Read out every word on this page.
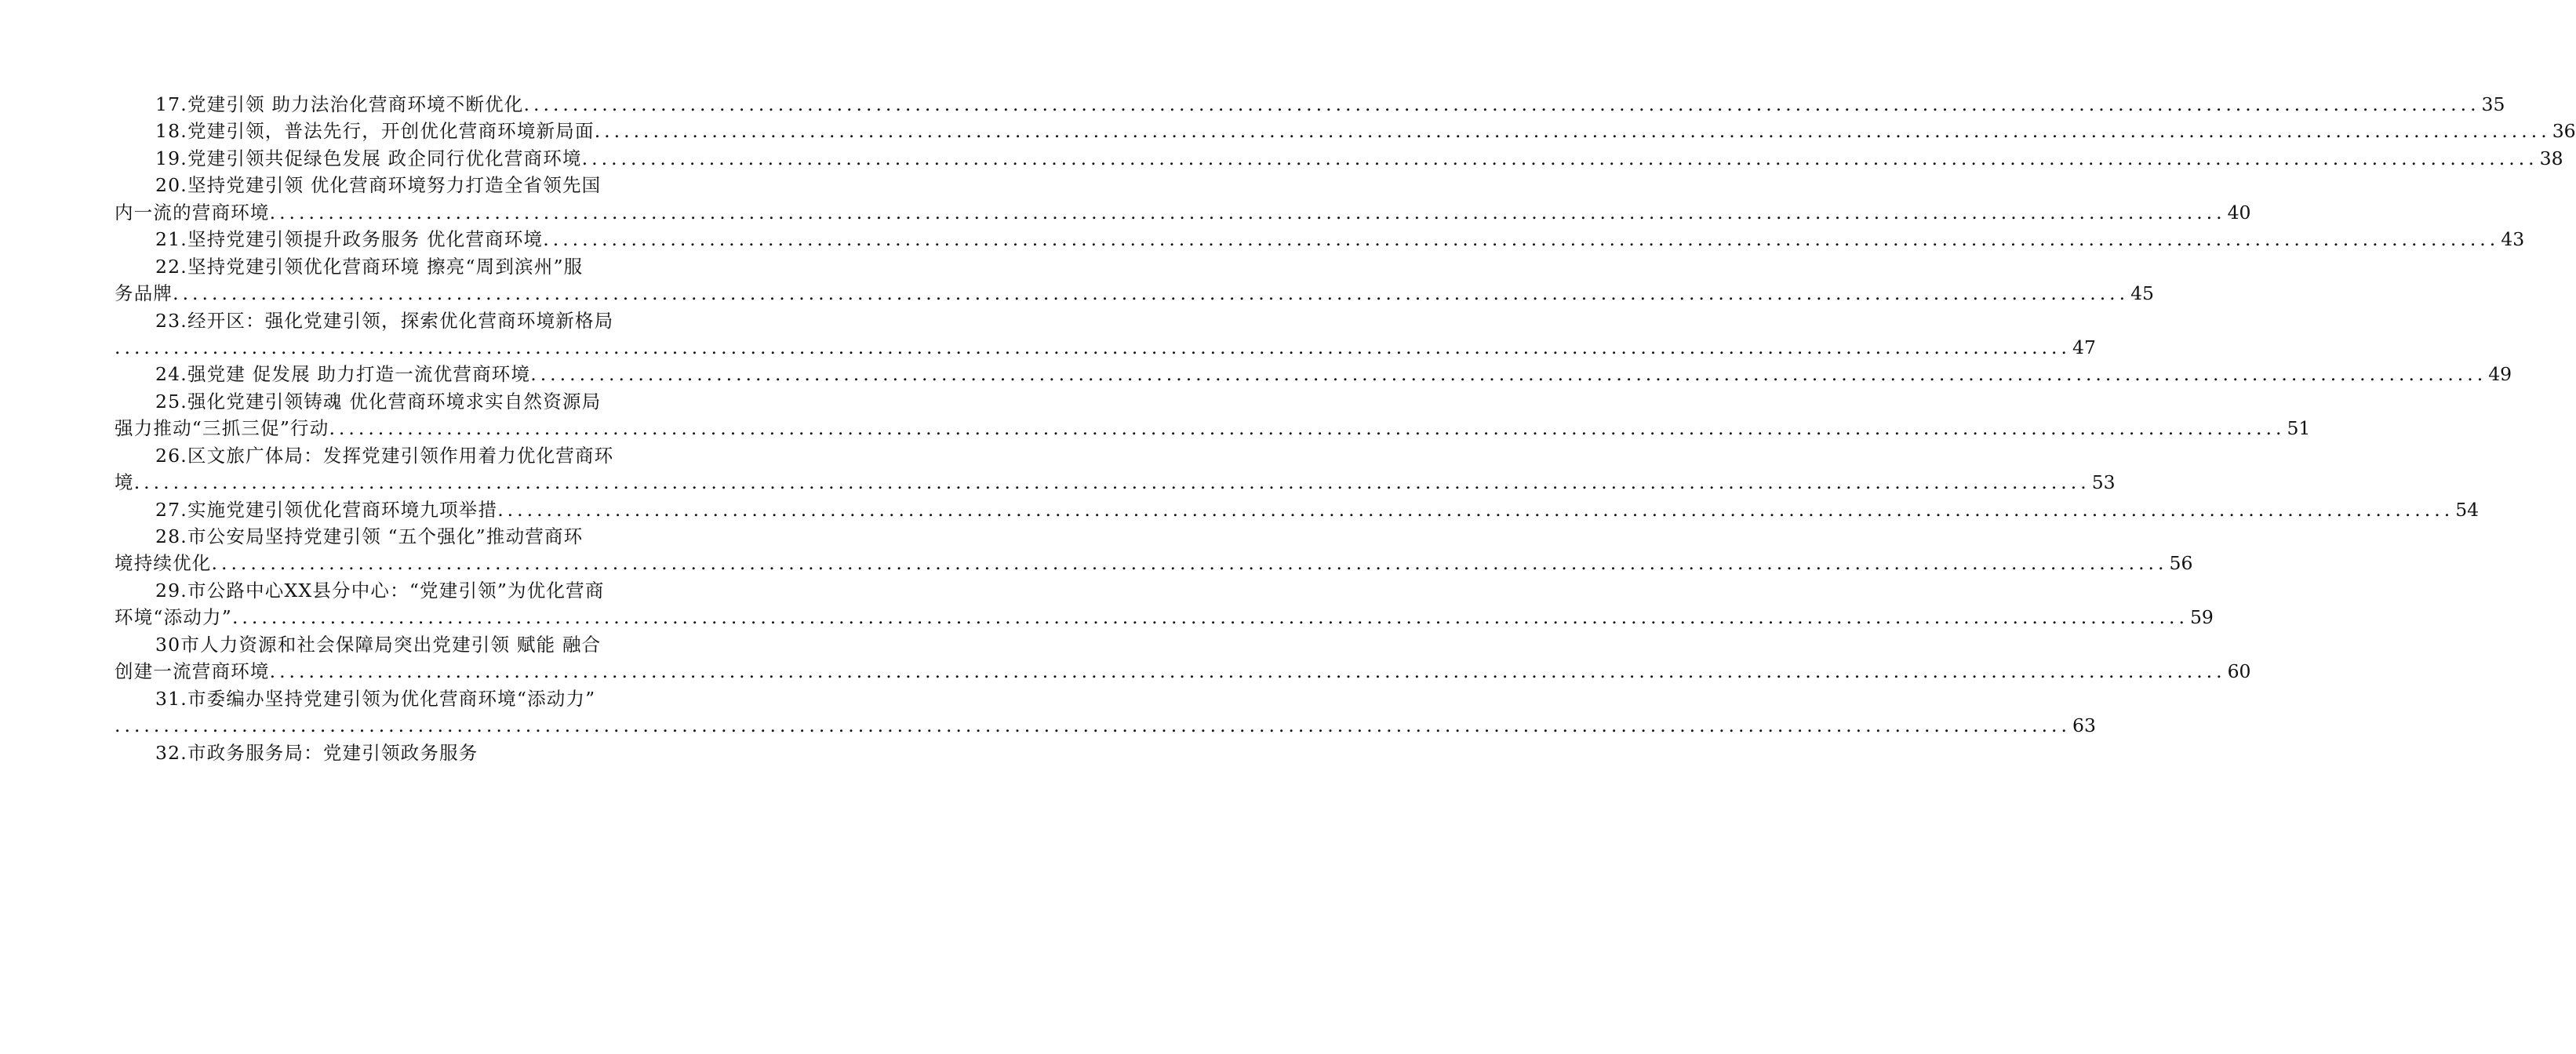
17.党建引领 助力法治化营商环境不断优化 ........................................................................................................................................................................................................ 35
18.党建引领，普法先行，开创优化营商环境新局面 ........................................................................................................................................................................................................ 36
19.党建引领共促绿色发展 政企同行优化营商环境 ........................................................................................................................................................................................................ 38
20.坚持党建引领 优化营商环境努力打造全省领先国
内一流的营商环境 ........................................................................................................................................................................................................ 40
21.坚持党建引领提升政务服务 优化营商环境 ........................................................................................................................................................................................................ 43
22.坚持党建引领优化营商环境 擦亮“周到滨州”服
务品牌 ........................................................................................................................................................................................................ 45
23.经开区：强化党建引领，探索优化营商环境新格局
........................................................................................................................................................................................................ 47
24.强党建 促发展 助力打造一流优营商环境 ........................................................................................................................................................................................................ 49
25.强化党建引领铸魂 优化营商环境求实自然资源局
强力推动“三抓三促”行动 ........................................................................................................................................................................................................ 51
26.区文旅广体局：发挥党建引领作用着力优化营商环
境 ........................................................................................................................................................................................................ 53
27.实施党建引领优化营商环境九项举措 ........................................................................................................................................................................................................ 54
28.市公安局坚持党建引领 “五个强化”推动营商环
境持续优化 ........................................................................................................................................................................................................ 56
29.市公路中心XX县分中心：“党建引领”为优化营商
环境“添动力” ........................................................................................................................................................................................................ 59
30市人力资源和社会保障局突出党建引领 赋能 融合
创建一流营商环境 ........................................................................................................................................................................................................ 60
31.市委编办坚持党建引领为优化营商环境“添动力”
........................................................................................................................................................................................................ 63
32.市政务服务局：党建引领政务服务
